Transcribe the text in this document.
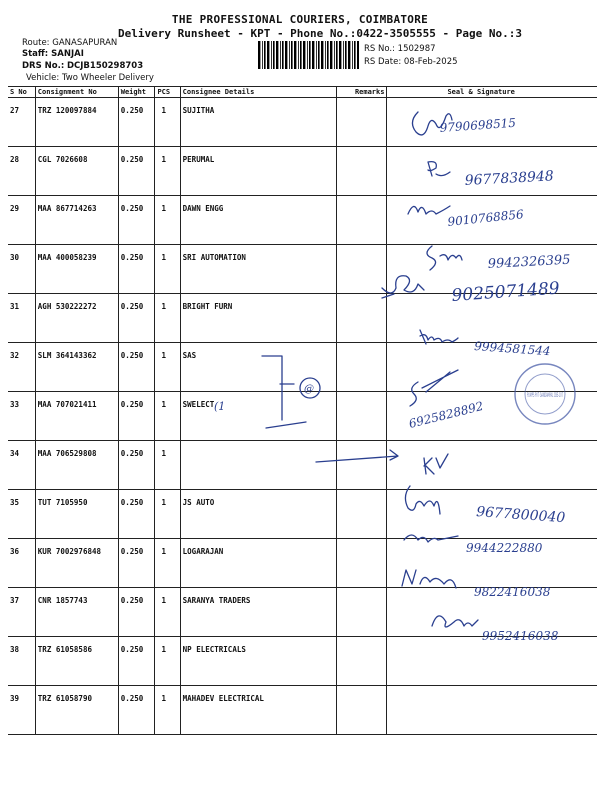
THE PROFESSIONAL COURIERS, COIMBATORE
Delivery Runsheet - KPT - Phone No.:0422-3505555 - Page No.:3
Route: GANASAPURAN
Staff: SANJAI
DRS No.: DCJB150298703
Vehicle: Two Wheeler Delivery
RS No.: 1502987
RS Date: 08-Feb-2025
S No	Consignment No	Weight	PCS	Consignee Details	Remarks	Seal & Signature
27	TRZ 120097884	0.250	1	SUJITHA		
28	CGL 7026608	0.250	1	PERUMAL		
29	MAA 867714263	0.250	1	DAWN ENGG		
30	MAA 400058239	0.250	1	SRI AUTOMATION		
31	AGH 530222272	0.250	1	BRIGHT FURN		
32	SLM 364143362	0.250	1	SAS		
33	MAA 707021411	0.250	1	SWELECT		
34	MAA 706529808	0.250	1			
35	TUT 7105950	0.250	1	JS AUTO		
36	KUR 7002976848	0.250	1	LOGARAJAN		
37	CNR 1857743	0.250	1	SARANYA TRADERS		
38	TRZ 61058586	0.250	1	NP ELECTRICALS		
39	TRZ 61058790	0.250	1	MAHADEV ELECTRICAL		
9790698515
9677838948
9010768856
9942326395
9025071489
9994581544
@
(1	6925828892
PUMPS PVT GANDAMPAL CBE-107
9677800040
9944222880
9822416038
9952416038
